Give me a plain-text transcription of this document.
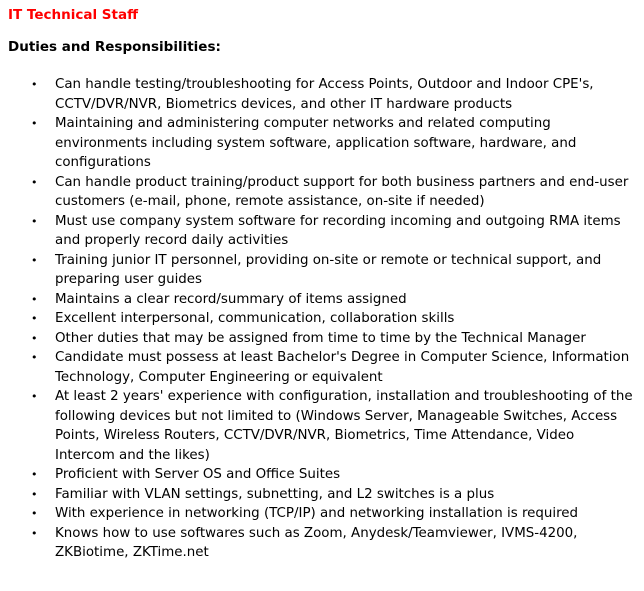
IT Technical Staff
Duties and Responsibilities:
• Can handle testing/troubleshooting for Access Points, Outdoor and Indoor CPE's, CCTV/DVR/NVR, Biometrics devices, and other IT hardware products
• Maintaining and administering computer networks and related computing environments including system software, application software, hardware, and configurations
• Can handle product training/product support for both business partners and end-user customers (e-mail, phone, remote assistance, on-site if needed)
• Must use company system software for recording incoming and outgoing RMA items and properly record daily activities
• Training junior IT personnel, providing on-site or remote or technical support, and preparing user guides
• Maintains a clear record/summary of items assigned
• Excellent interpersonal, communication, collaboration skills
• Other duties that may be assigned from time to time by the Technical Manager
• Candidate must possess at least Bachelor's Degree in Computer Science, Information Technology, Computer Engineering or equivalent
• At least 2 years' experience with configuration, installation and troubleshooting of the following devices but not limited to (Windows Server, Manageable Switches, Access Points, Wireless Routers, CCTV/DVR/NVR, Biometrics, Time Attendance, Video Intercom and the likes)
• Proficient with Server OS and Office Suites
• Familiar with VLAN settings, subnetting, and L2 switches is a plus
• With experience in networking (TCP/IP) and networking installation is required
• Knows how to use softwares such as Zoom, Anydesk/Teamviewer, IVMS-4200, ZKBiotime, ZKTime.net
